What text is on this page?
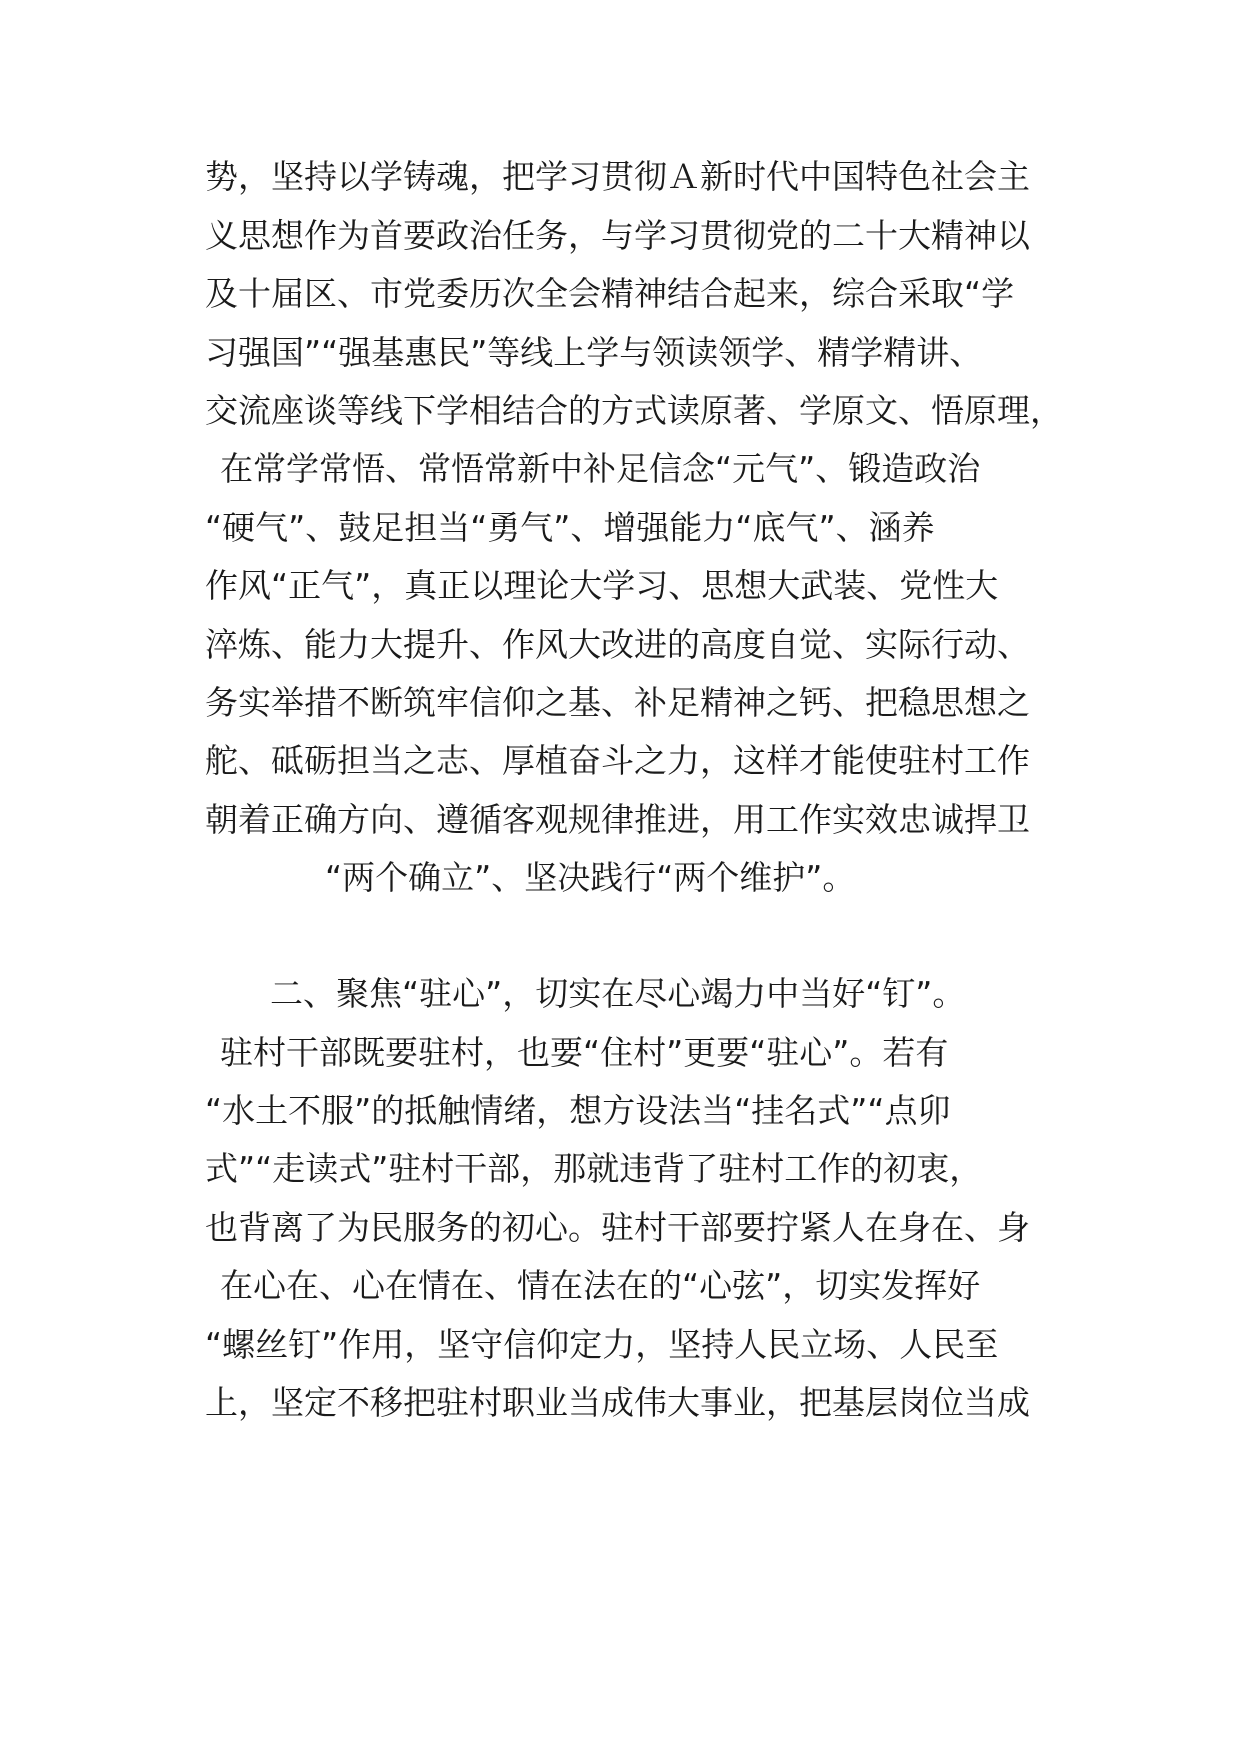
势，坚持以学铸魂，把学习贯彻Ａ新时代中国特色社会主
义思想作为首要政治任务，与学习贯彻党的二十大精神以
及十届区、市党委历次全会精神结合起来，综合采取“学
习强国”“强基惠民”等线上学与领读领学、精学精讲、
交流座谈等线下学相结合的方式读原著、学原文、悟原理，
在常学常悟、常悟常新中补足信念“元气”、锻造政治
“硬气”、鼓足担当“勇气”、增强能力“底气”、涵养
作风“正气”，真正以理论大学习、思想大武装、党性大
淬炼、能力大提升、作风大改进的高度自觉、实际行动、
务实举措不断筑牢信仰之基、补足精神之钙、把稳思想之
舵、砥砺担当之志、厚植奋斗之力，这样才能使驻村工作
朝着正确方向、遵循客观规律推进，用工作实效忠诚捍卫
“两个确立”、坚决践行“两个维护”。
二、聚焦“驻心”，切实在尽心竭力中当好“钉”。
驻村干部既要驻村，也要“住村”更要“驻心”。若有
“水土不服”的抵触情绪，想方设法当“挂名式”“点卯
式”“走读式”驻村干部，那就违背了驻村工作的初衷，
也背离了为民服务的初心。驻村干部要拧紧人在身在、身
在心在、心在情在、情在法在的“心弦”，切实发挥好
“螺丝钉”作用，坚守信仰定力，坚持人民立场、人民至
上，坚定不移把驻村职业当成伟大事业，把基层岗位当成
